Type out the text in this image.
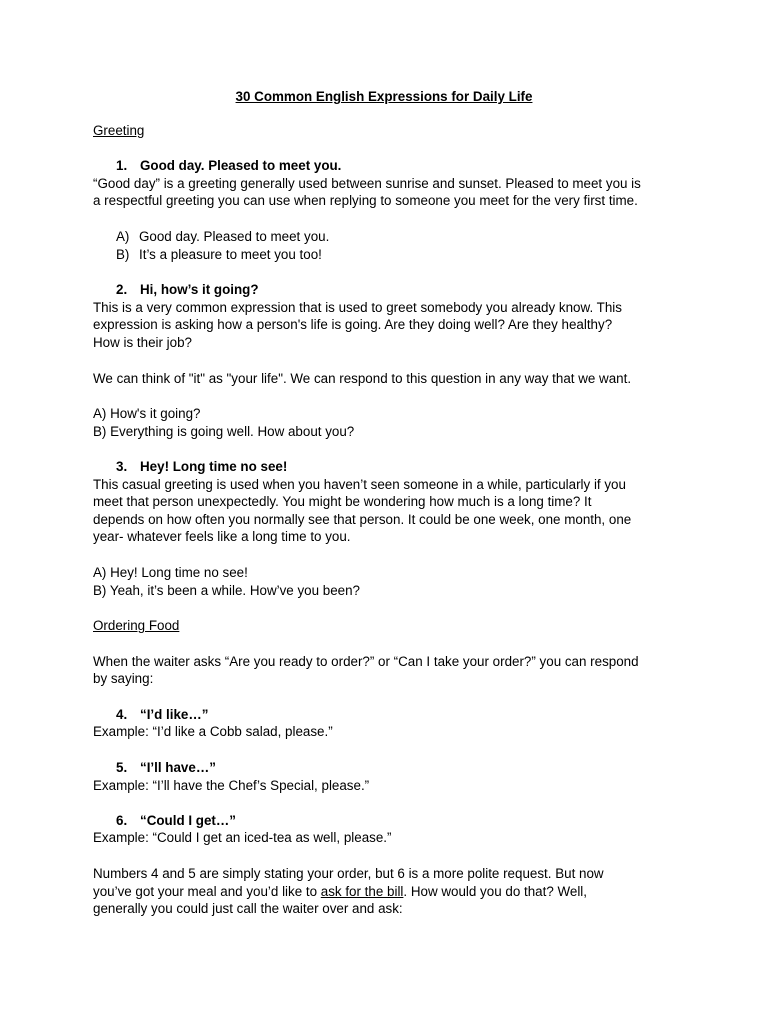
30 Common English Expressions for Daily Life
Greeting
1. Good day. Pleased to meet you.
“Good day” is a greeting generally used between sunrise and sunset. Pleased to meet you is
a respectful greeting you can use when replying to someone you meet for the very first time.
A) Good day. Pleased to meet you.
B) It’s a pleasure to meet you too!
2. Hi, how’s it going?
This is a very common expression that is used to greet somebody you already know. This
expression is asking how a person's life is going. Are they doing well? Are they healthy?
How is their job?
We can think of "it" as "your life". We can respond to this question in any way that we want.
A) How's it going?
B) Everything is going well. How about you?
3. Hey! Long time no see!
This casual greeting is used when you haven’t seen someone in a while, particularly if you
meet that person unexpectedly. You might be wondering how much is a long time? It
depends on how often you normally see that person. It could be one week, one month, one
year- whatever feels like a long time to you.
A) Hey! Long time no see!
B) Yeah, it’s been a while. How’ve you been?
Ordering Food
When the waiter asks “Are you ready to order?” or “Can I take your order?” you can respond
by saying:
4. “I’d like…”
Example: “I’d like a Cobb salad, please.”
5. “I’ll have…”
Example: “I’ll have the Chef’s Special, please.”
6. “Could I get…”
Example: “Could I get an iced-tea as well, please.”
Numbers 4 and 5 are simply stating your order, but 6 is a more polite request. But now
you’ve got your meal and you’d like to ask for the bill. How would you do that? Well,
generally you could just call the waiter over and ask:
